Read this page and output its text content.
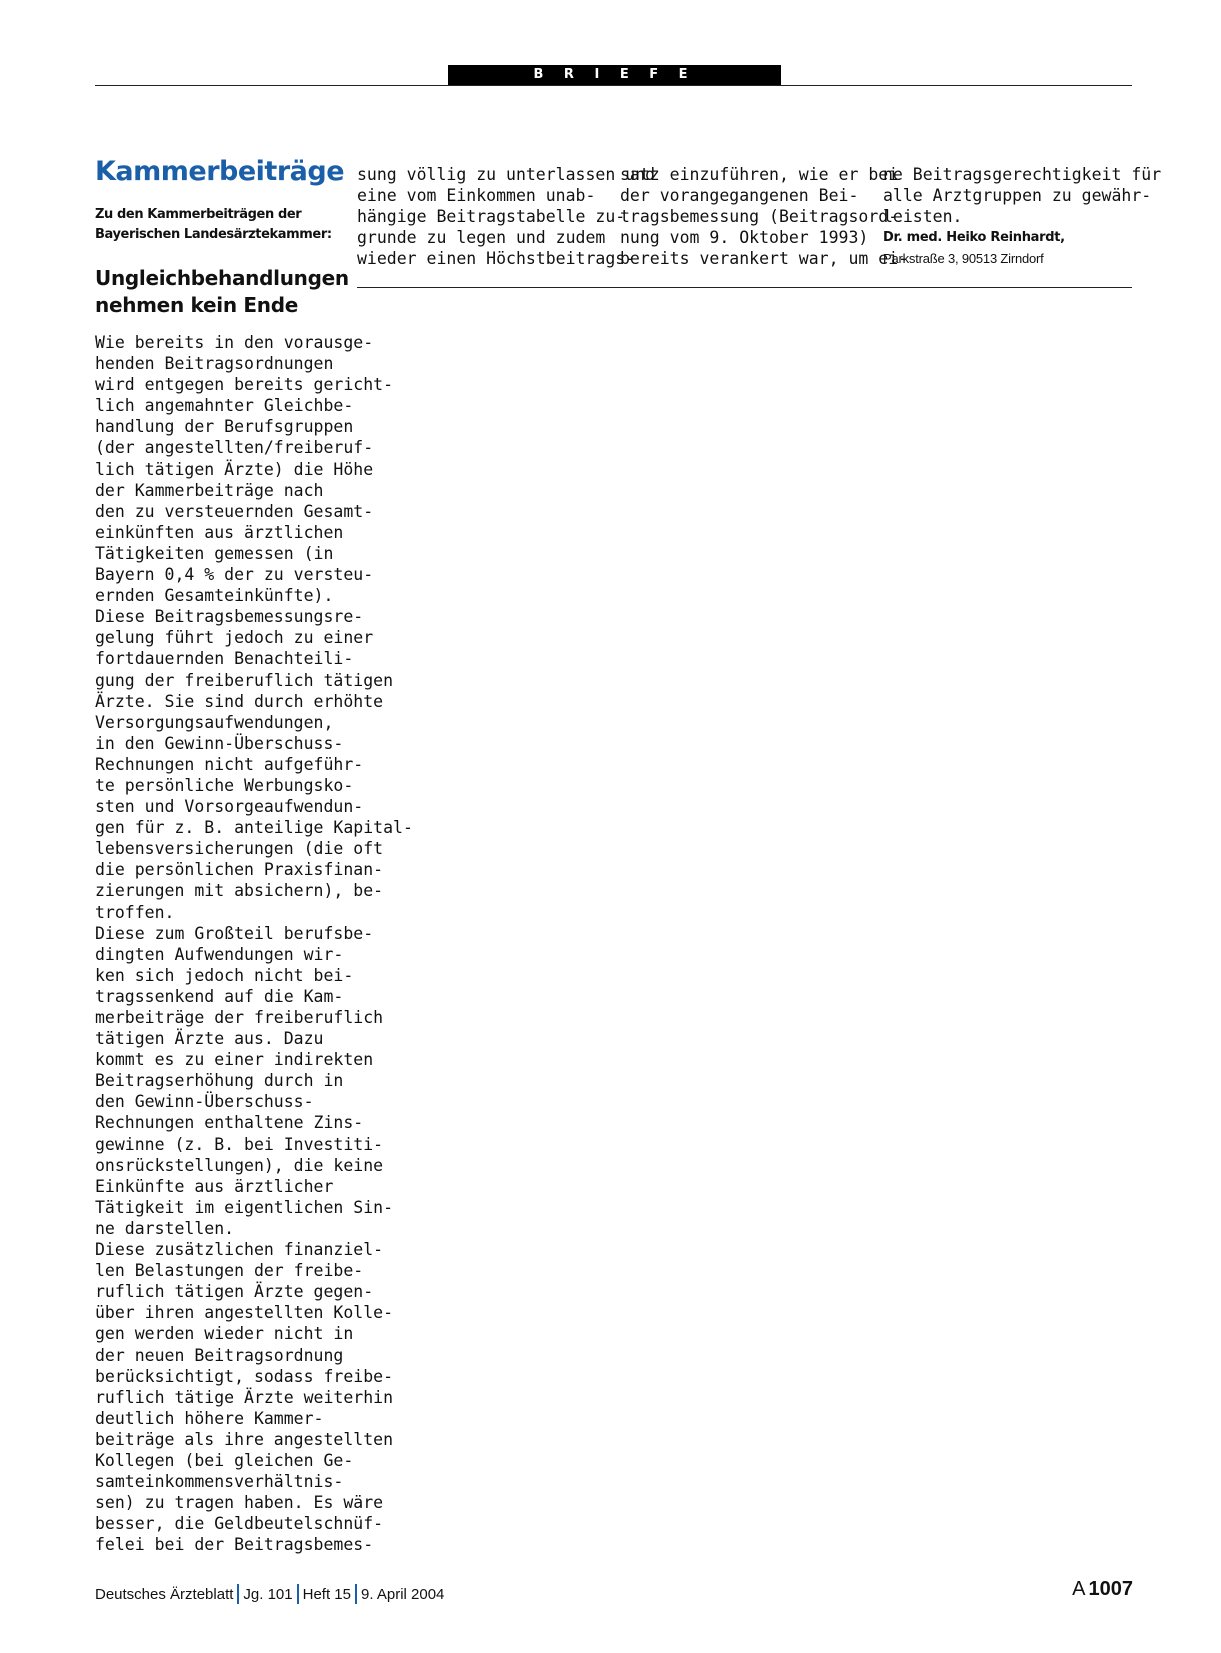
B R I E F E
Kammerbeiträge
Zu den Kammerbeiträgen der Bayerischen Landesärztekammer:
Ungleichbehandlungen nehmen kein Ende
Wie bereits in den vorausge-
henden Beitragsordnungen
wird entgegen bereits gericht-
lich angemahnter Gleichbe-
handlung der Berufsgruppen
(der angestellten/freiberuf-
lich tätigen Ärzte) die Höhe
der Kammerbeiträge nach
den zu versteuernden Gesamt-
einkünften aus ärztlichen
Tätigkeiten gemessen (in
Bayern 0,4 % der zu versteu-
ernden Gesamteinkünfte).
Diese Beitragsbemessungsre-
gelung führt jedoch zu einer
fortdauernden Benachteili-
gung der freiberuflich tätigen
Ärzte. Sie sind durch erhöhte
Versorgungsaufwendungen,
in den Gewinn-Überschuss-
Rechnungen nicht aufgeführ-
te persönliche Werbungsko-
sten und Vorsorgeaufwendun-
gen für z. B. anteilige Kapital-
lebensversicherungen (die oft
die persönlichen Praxisfinan-
zierungen mit absichern), be-
troffen.
Diese zum Großteil berufsbe-
dingten Aufwendungen wir-
ken sich jedoch nicht bei-
tragssenkend auf die Kam-
merbeiträge der freiberuflich
tätigen Ärzte aus. Dazu
kommt es zu einer indirekten
Beitragserhöhung durch in
den Gewinn-Überschuss-
Rechnungen enthaltene Zins-
gewinne (z. B. bei Investiti-
onsrückstellungen), die keine
Einkünfte aus ärztlicher
Tätigkeit im eigentlichen Sin-
ne darstellen.
Diese zusätzlichen finanziel-
len Belastungen der freibe-
ruflich tätigen Ärzte gegen-
über ihren angestellten Kolle-
gen werden wieder nicht in
der neuen Beitragsordnung
berücksichtigt, sodass freibe-
ruflich tätige Ärzte weiterhin
deutlich höhere Kammer-
beiträge als ihre angestellten
Kollegen (bei gleichen Ge-
samteinkommensverhältnis-
sen) zu tragen haben. Es wäre
besser, die Geldbeutelschnüf-
felei bei der Beitragsbemes-
sung völlig zu unterlassen und
eine vom Einkommen unab-
hängige Beitragstabelle zu-
grunde zu legen und zudem
wieder einen Höchstbeitrags-
satz einzuführen, wie er bei
der vorangegangenen Bei-
tragsbemessung (Beitragsord-
nung vom 9. Oktober 1993)
bereits verankert war, um ei-
ne Beitragsgerechtigkeit für
alle Arztgruppen zu gewähr-
leisten.
Dr. med. Heiko Reinhardt,
Parkstraße 3, 90513 Zirndorf
Deutsches Ärzteblatt Jg. 101 Heft 15 9. April 2004	A 1007
